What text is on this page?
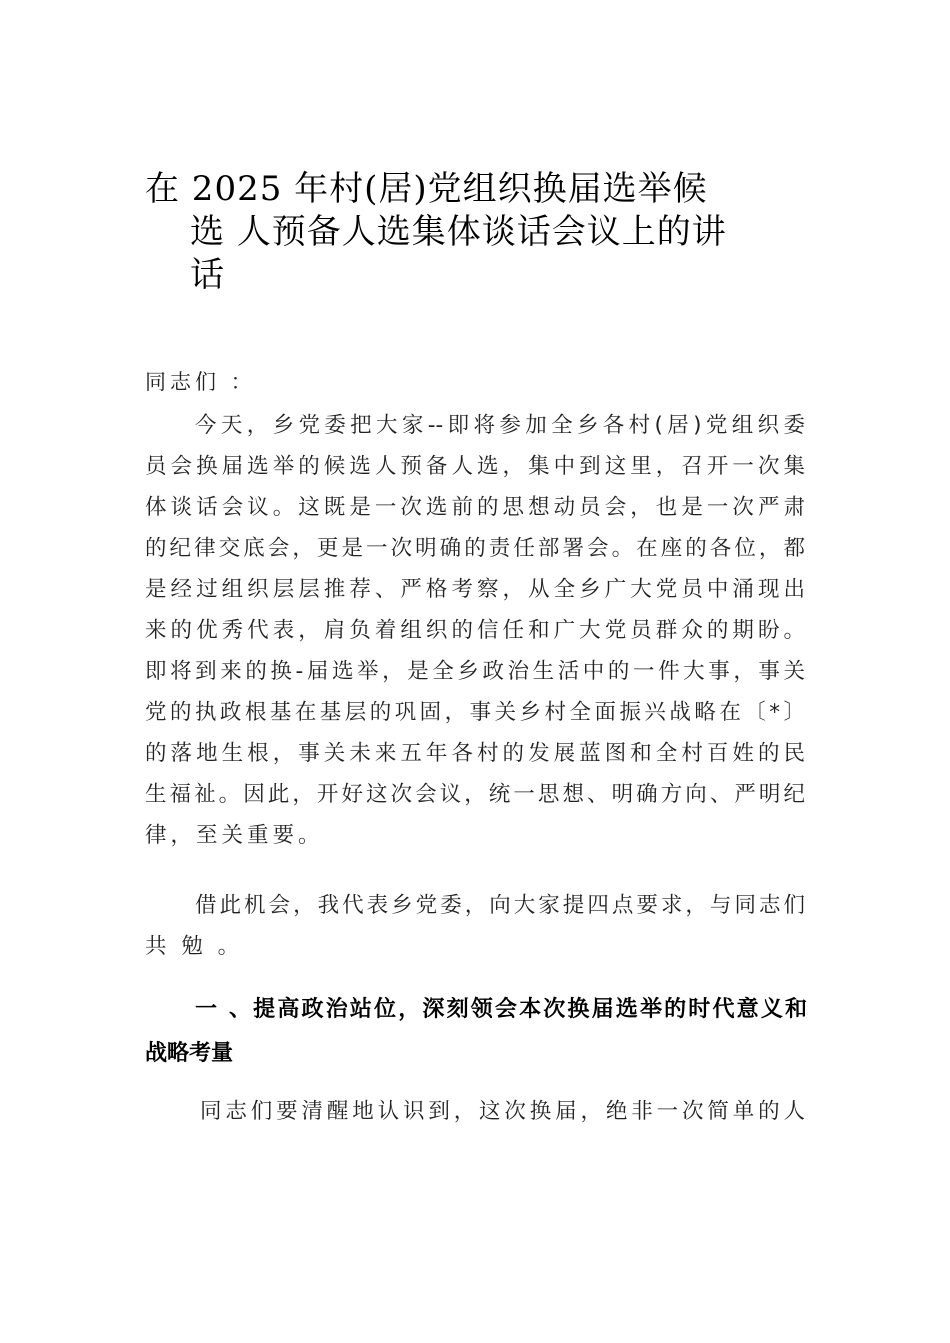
在 2025 年村(居)党组织换届选举候
选 人预备人选集体谈话会议上的讲
话
同志们 ：
今天，乡党委把大家--即将参加全乡各村(居)党组织委
员会换届选举的候选人预备人选，集中到这里，召开一次集
体谈话会议。这既是一次选前的思想动员会，也是一次严肃
的纪律交底会，更是一次明确的责任部署会。在座的各位，都
是经过组织层层推荐、严格考察，从全乡广大党员中涌现出
来的优秀代表，肩负着组织的信任和广大党员群众的期盼。
即将到来的换-届选举，是全乡政治生活中的一件大事，事关
党的执政根基在基层的巩固，事关乡村全面振兴战略在〔*〕
的落地生根，事关未来五年各村的发展蓝图和全村百姓的民
生福祉。因此，开好这次会议，统一思想、明确方向、严明纪
律，至关重要。
借此机会，我代表乡党委，向大家提四点要求，与同志们
共 勉 。
一 、提高政治站位，深刻领会本次换届选举的时代意义和
战略考量
同志们要清醒地认识到，这次换届，绝非一次简单的人
